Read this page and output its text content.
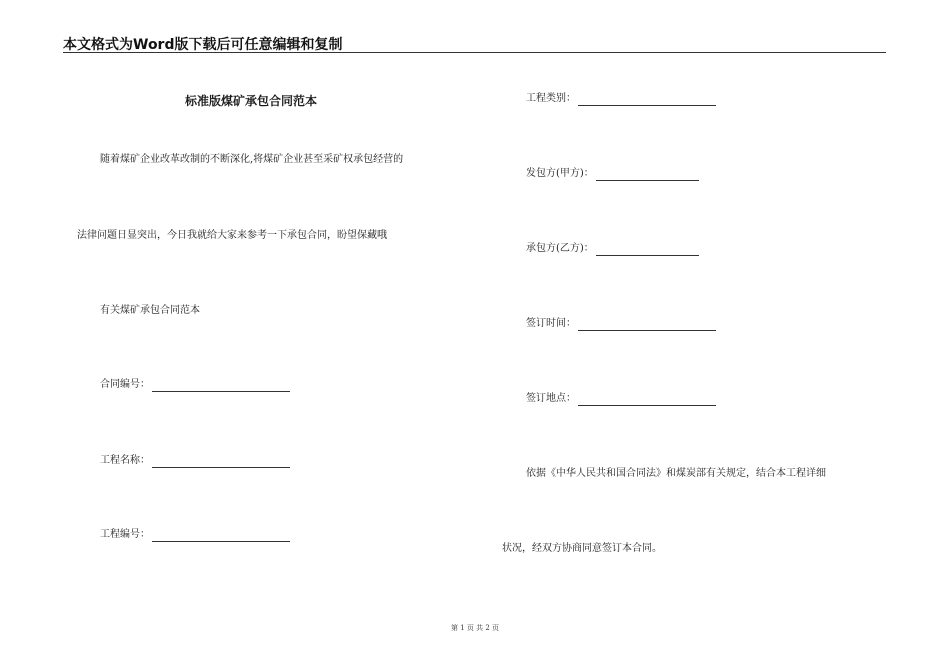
本文格式为Word版下载后可任意编辑和复制
标准版煤矿承包合同范本
随着煤矿企业改革改制的不断深化,将煤矿企业甚至采矿权承包经营的
法律问题日显突出，今日我就给大家来参考一下承包合同，盼望保藏哦
有关煤矿承包合同范本
合同编号：
工程名称：
工程编号：
工程类别：
发包方(甲方)：
承包方(乙方)：
签订时间：
签订地点：
依据《中华人民共和国合同法》和煤炭部有关规定，结合本工程详细
状况，经双方协商同意签订本合同。
第 1 页 共 2 页
